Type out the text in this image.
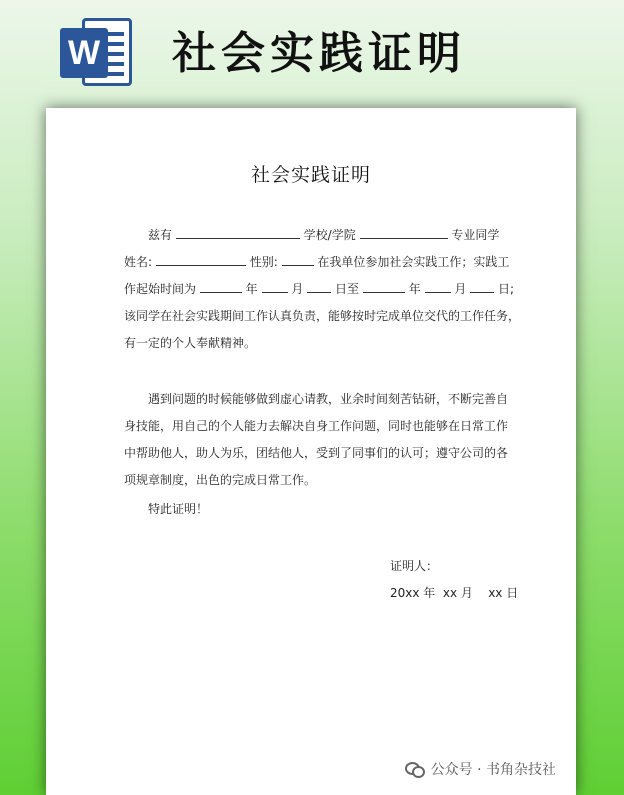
W 社会实践证明
社会实践证明
兹有	学校/学院	专业同学
姓名:	性别:	在我单位参加社会实践工作；实践工
作起始时间为	年	月	日至	年	月	日;
该同学在社会实践期间工作认真负责，能够按时完成单位交代的工作任务，
有一定的个人奉献精神。
遇到问题的时候能够做到虚心请教，业余时间刻苦钻研，不断完善自
身技能，用自己的个人能力去解决自身工作问题，同时也能够在日常工作
中帮助他人，助人为乐，团结他人，受到了同事们的认可；遵守公司的各
项规章制度，出色的完成日常工作。
特此证明！
证明人：
20xx 年  xx 月    xx 日
公众号 · 书角杂技社
